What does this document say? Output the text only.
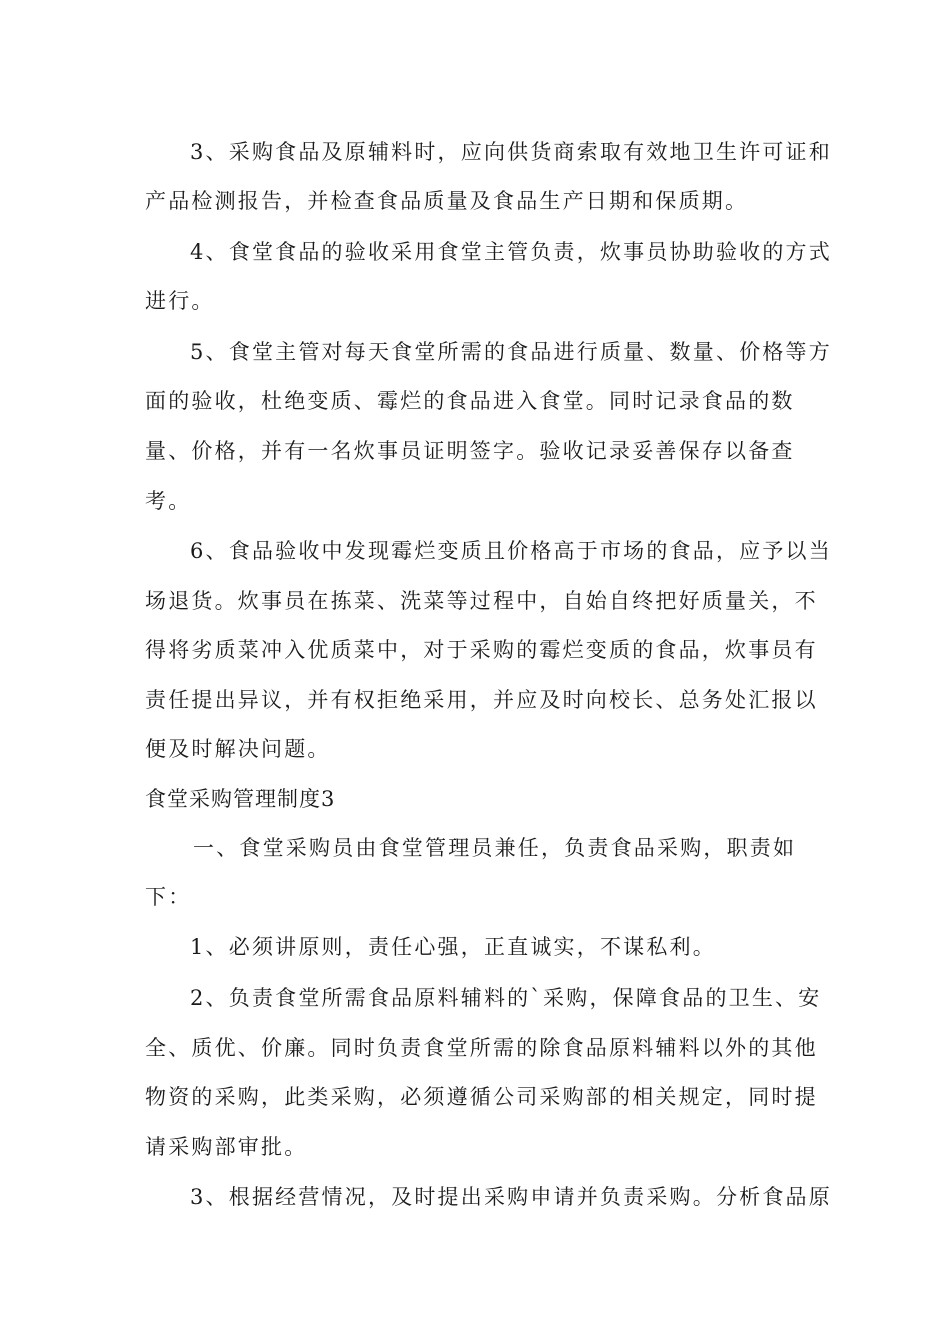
3、采购食品及原辅料时，应向供货商索取有效地卫生许可证和
产品检测报告，并检查食品质量及食品生产日期和保质期。
4、食堂食品的验收采用食堂主管负责，炊事员协助验收的方式
进行。
5、食堂主管对每天食堂所需的食品进行质量、数量、价格等方
面的验收，杜绝变质、霉烂的食品进入食堂。同时记录食品的数
量、价格，并有一名炊事员证明签字。验收记录妥善保存以备查
考。
6、食品验收中发现霉烂变质且价格高于市场的食品，应予以当
场退货。炊事员在拣菜、洗菜等过程中，自始自终把好质量关，不
得将劣质菜冲入优质菜中，对于采购的霉烂变质的食品，炊事员有
责任提出异议，并有权拒绝采用，并应及时向校长、总务处汇报以
便及时解决问题。
食堂采购管理制度3
一、食堂采购员由食堂管理员兼任，负责食品采购，职责如
下：
1、必须讲原则，责任心强，正直诚实，不谋私利。
2、负责食堂所需食品原料辅料的`采购，保障食品的卫生、安
全、质优、价廉。同时负责食堂所需的除食品原料辅料以外的其他
物资的采购，此类采购，必须遵循公司采购部的相关规定，同时提
请采购部审批。
3、根据经营情况，及时提出采购申请并负责采购。分析食品原
